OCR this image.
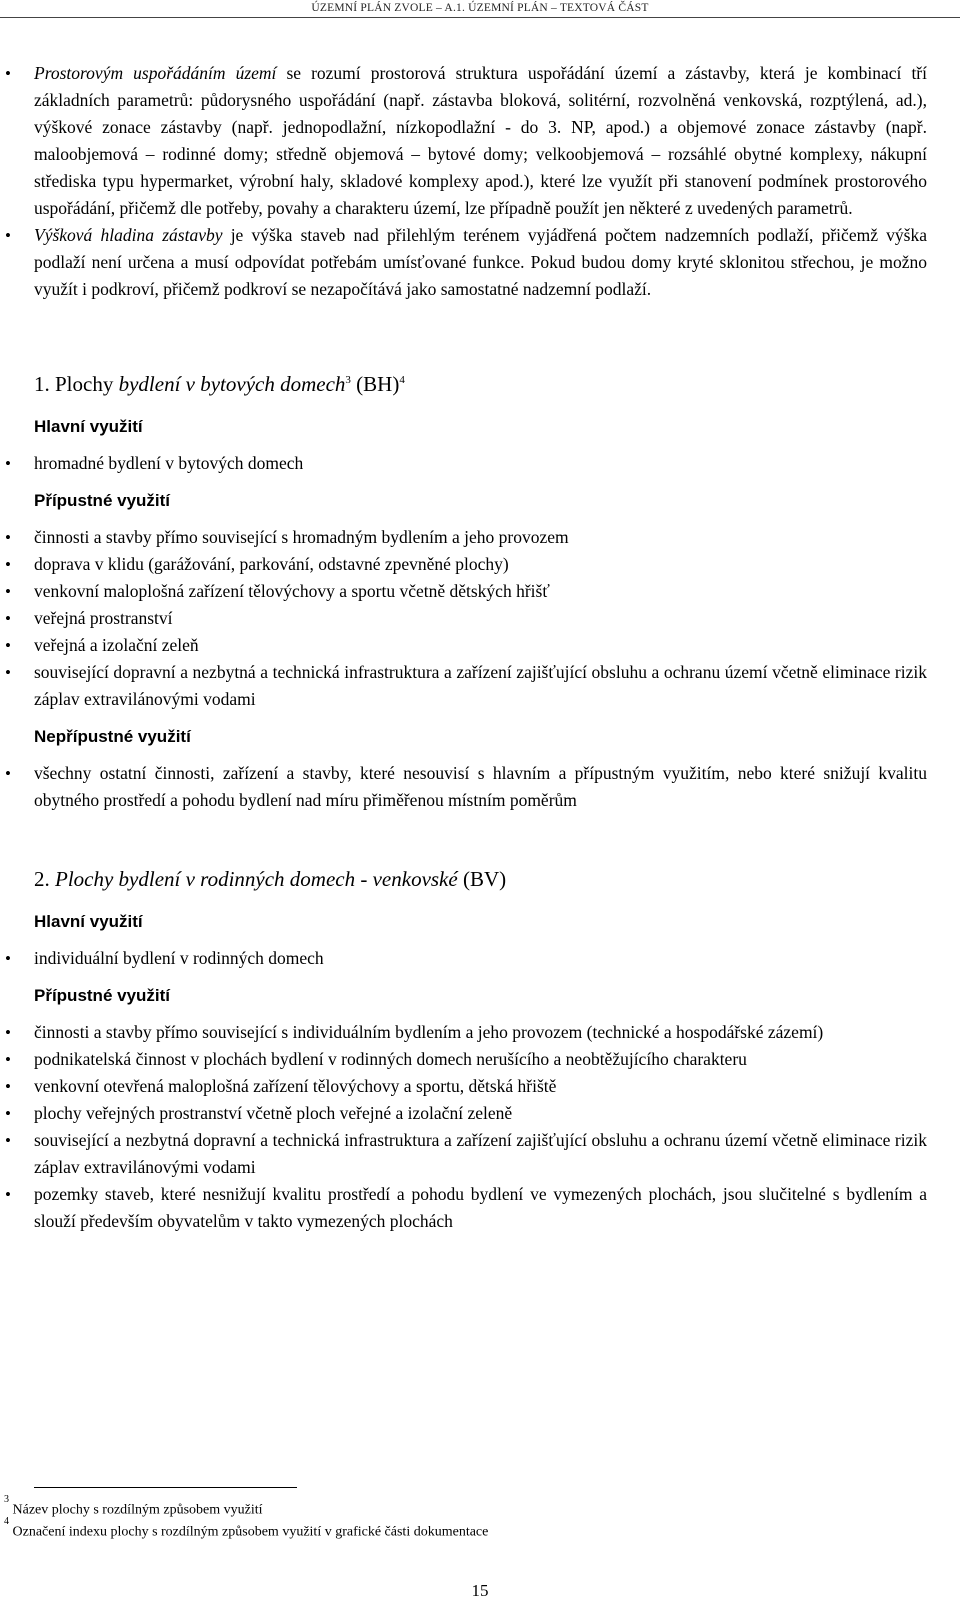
ÚZEMNÍ PLÁN ZVOLE – A.1. ÚZEMNÍ PLÁN – TEXTOVÁ ČÁST
• Prostorovým uspořádáním území se rozumí prostorová struktura uspořádání území a zástavby, která je kombinací tří základních parametrů: půdorysného uspořádání (např. zástavba bloková, solitérní, rozvolněná venkovská, rozptýlená, ad.), výškové zonace zástavby (např. jednopodlažní, nízkopodlažní - do 3. NP, apod.) a objemové zonace zástavby (např. maloobjemová – rodinné domy; středně objemová – bytové domy; velkoobjemová – rozsáhlé obytné komplexy, nákupní střediska typu hypermarket, výrobní haly, skladové komplexy apod.), které lze využít při stanovení podmínek prostorového uspořádání, přičemž dle potřeby, povahy a charakteru území, lze případně použít jen některé z uvedených parametrů.
• Výšková hladina zástavby je výška staveb nad přilehlým terénem vyjádřená počtem nadzemních podlaží, přičemž výška podlaží není určena a musí odpovídat potřebám umísťované funkce. Pokud budou domy kryté sklonitou střechou, je možno využít i podkroví, přičemž podkroví se nezapočítává jako samostatné nadzemní podlaží.
1. Plochy bydlení v bytových domech$^3$ (BH)$^4$
Hlavní využití
• hromadné bydlení v bytových domech
Přípustné využití
• činnosti a stavby přímo související s hromadným bydlením a jeho provozem
• doprava v klidu (garážování, parkování, odstavné zpevněné plochy)
• venkovní maloplošná zařízení tělovýchovy a sportu včetně dětských hřišť
• veřejná prostranství
• veřejná a izolační zeleň
• související dopravní a nezbytná a technická infrastruktura a zařízení zajišťující obsluhu a ochranu území včetně eliminace rizik záplav extravilánovými vodami
Nepřípustné využití
• všechny ostatní činnosti, zařízení a stavby, které nesouvisí s hlavním a přípustným využitím, nebo které snižují kvalitu obytného prostředí a pohodu bydlení nad míru přiměřenou místním poměrům
2. Plochy bydlení v rodinných domech - venkovské (BV)
Hlavní využití
• individuální bydlení v rodinných domech
Přípustné využití
• činnosti a stavby přímo související s individuálním bydlením a jeho provozem (technické a hospodářské zázemí)
• podnikatelská činnost v plochách bydlení v rodinných domech nerušícího a neobtěžujícího charakteru
• venkovní otevřená maloplošná zařízení tělovýchovy a sportu, dětská hřiště
• plochy veřejných prostranství včetně ploch veřejné a izolační zeleně
• související a nezbytná dopravní a technická infrastruktura a zařízení zajišťující obsluhu a ochranu území včetně eliminace rizik záplav extravilánovými vodami
• pozemky staveb, které nesnižují kvalitu prostředí a pohodu bydlení ve vymezených plochách, jsou slučitelné s bydlením a slouží především obyvatelům v takto vymezených plochách
$^3$ Název plochy s rozdílným způsobem využití
$^4$ Označení indexu plochy s rozdílným způsobem využití v grafické části dokumentace
15
